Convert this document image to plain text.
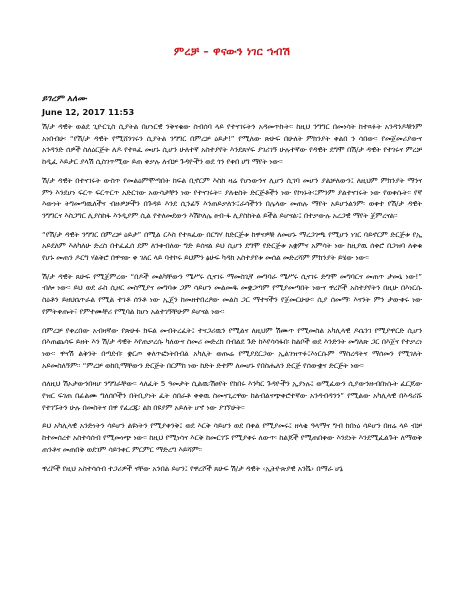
ምረቻ – ዋናውን ነገር ኀብሽ
ይገረም አለሙ
June 12, 2017 11:53

ሽ/ታ ዳዊት ወልደ ጊዮርጊስ ሲያትል በሆነርዊ ንቅናቄው ስብሰባ ላይ የተናገሩትን አዳመጥኩት፡፡ ከዚህ ንግግር በመነሳት ከተጻፉት አንዳንዶቹንም አነበብሁ፡ “የሽ/ታ ዳዊት የሚሸንገሩን ሲያትል ንግግር በምረቻ ዕይታ!” የሚለው ጽሁፍ በሁለት ምክንያት ቀልበ ን ሳበው፡፡ የመጀመሪያውና አንዳንድ ሰዎች ስለዕርጅት ለዶ የተጻፈ መሆኑ ሲሆን ሁለተኛ አስተያየት እንደጸሃፍ ያገሪገኝ ሁሉተኛው የዳዊት ደግሞ በሽ/ታ ዳዊት የተገሩና ምረቻ ከዲፈ እይታር ያላሽ ሲስገጥሚው ይጠ ቀቃሉ ለብቻ ጉዳዮችን ወደ ጎን የቀበ ሀግ ማየት ነው፡፡

ሽ/ታ ዳዊት በተናገሩት ውስጥ የመልዕምሞጣበት ከፍል ቢኖርም እስከ ዛሬ የሆነውንና ሊሆን ሲገባ መሆን ያልቻለውን፤ ለዚህም ምክንያት ማንና ምን እንደሆነ ፍርጥ ፍርጥርጥ አድርገው አውሳታቸን ነው የተናገሩት፡፡ ያለቲስት ድርጅቶችን ነው የኮነኑት፡፤ምንም ያልተናገሩት ነው የወቀሱት፡፡ የኛ እውነት ትግመጣዉለችና ብዙዎቻችን በጉዳይ እንደ ሲንፊኝ እንጠይቃለን፡፤ራሳችንን በሌላው መጠሉ ማየት አይሆንልንም፡ ወቀተ የሽ/ታ ዳዊት ንግግርና እስጋግር ሊያስከፋ እንዲያም ሲል የተለመደውን እሽኮለሌ ፀብ-ፋ ሊያስከትል ይችል ይሆናል፡፤ በተቃውሉ አረጋዊ ማየት ጀምረናል፡፡

“የሽ/ታ ዳዊት ንግግር በምረቻ ዕይታ” በሚል ርእስ የተጻፈው በርግሃ ከድርጅቱ ከዋናዎቹ ለመሆኑ ማረጋገጫ የሚሆን ነገር ባይኖርም ድርጅቱ የኢ አይደለም እለካለሁ ድረስ በተፈፈሰ ደም ለንቀብለው ግድ ይሰናል ይህ ሲሆን ደግሞ የድርጅቱ አቋምና አምሳት ነው ከዚያዉ ሰቀሮ በጋዝባ ለቀቁ የሆኑ መጠን ዶርግ ሃልቅሮ በዋናው ቀ ገለር ላይ ባተኮሩ ይህምን ፅሁፍ ካዳከ አስተያየቱ መሰል መድረሻም ምክንያት ይሄው ነው፡፡

ሽ/ታ ዳዊት ጸሁፍ የሚጀምረው “በዶች መልካቸውን ሜሥሩ ሲናገሩ ማመስጊኛ መግባራ ሜሥሩ ሲናገሩ ድግሞ መግባርና መጠጥ ታመኒ ነው!” ብሎ ነው፡፡ ይህ ወደ ራስ ሲዞር መስሚያና መግባቱ ጋም ሳይሆን መልመዱ መቋጋጣም የሚያመጣበት ነውና ዋረሾች አስተያየትን በዚሁ በእነርሱ ስዕቶን ይዘህሴጥራል የሚል ተገቶ ሰንቶ ነው ኢጄን ከመዘተበረዖው መልስ ጋር ማተናችን የጀመርሁሁ፡፡ ሲያ ሰመማ፡ እናንት ምን ታውቀሩ ነው የምትቀጡት፣ የምተሙቸሪ የሚባል ከሆነ አልተገኝቸሁም ይሆናል ነው፡፡

በምረቻ የቀረበው አብዛኛው የጽሁፉ ክፍል መብትረፈት፤ ተናጋሪዉን የሚልና ለዚህም ሽሙጥ የሚመስል አካሊላዊ ዶሴንገ የሚያዋርድ ሲሆን በእጠጨሳፍ ይዘት እን ሽ/ታ ዳዊት እየጠቃረሱ ካለውና ስመሪ መድረክ በብልደ ጉድ ከእየሳሳፋበ፡ ከልቦች ወደ እንድንት መግለጽ ጋር በእጀና የተቃረነ ነው፡፡ ዋናሽ ልቅንት በጣደብ፡ ቋርጦ ቀለጥፎነትበብል አካሊት ወጡሬ የሚያደርጋው ኢልገዝጥፉ፤እነርሱም ማስረዳትና ማሰመን የሚገለት አይመስለኝም፡፡ “ምረቻ ወከቢማቸውን ድርጅት በርምከ ነው ከድት ድተም ለመሆኑ የበስሔለን ድርጅ የሰውቋና ድርጅት ነው፡፡

ሰለዚህ ሽኦታውንበዛሆ ንግግራቸው፡፡ ላለፈት 5 ዓመታት ሲልዉ፡ሽፀየት የክበሩ እንካር ጉዳዮችን ኢያነሉ፤ ወሚፈውን ሲያውንዙብበነሱት ፈርጆው የዝር ፍገጠ በፊልሙ ግለሰቦችን በትቢያነት ፈት ሰበራቶ ቀቀዉ ስመናጊረዋው ከልብልናጭቀሮተኛው አንዳብዳንን” የሚልው አካሊላዊ በእዳሪሹ የተገኙትን ሁሉ በመስትና በዋ የፈረጁ፡ ልክ በዩያም አይለት ሆኖ ነው ያገኘሁት፡፡

ይህ አካሊላዊ አንድነትን ሳይሆን ልዩነትን የሚያቀንቅ፤ ወደ እርቅ ሳይሆን ወደ በቀል የሚያመሩ፤ ዘላቂ ዓላማና ግብ ከበነዕ ሳይሆን በዘሬ ላይ ብቻ ከተመሰረተ አስተሳሰብ የሚመነጭ ነው፡፡ ከዚህ የሚነሳና እርቅ ከመርገኙ የሚያቀሩ ለውጥ፡ ከልጆች የሚጠበቀው እንደነት እንደሚፈልጉት ለማወቅ ጠንቶና መጠበቅ ወደገም ሳይንቀር ምርምር ማድረግ እይሻም፡፡

ዋረሾች የዚህ አስተሳሰብ ተጋሪዎች ናቸው አንበል ይሆን፤ የዋረሾች ጸሁፍ ሽ/ታ ዳዊት ‹ኢትዮጵያዊ አንሼ› በማራ ሆኔ
